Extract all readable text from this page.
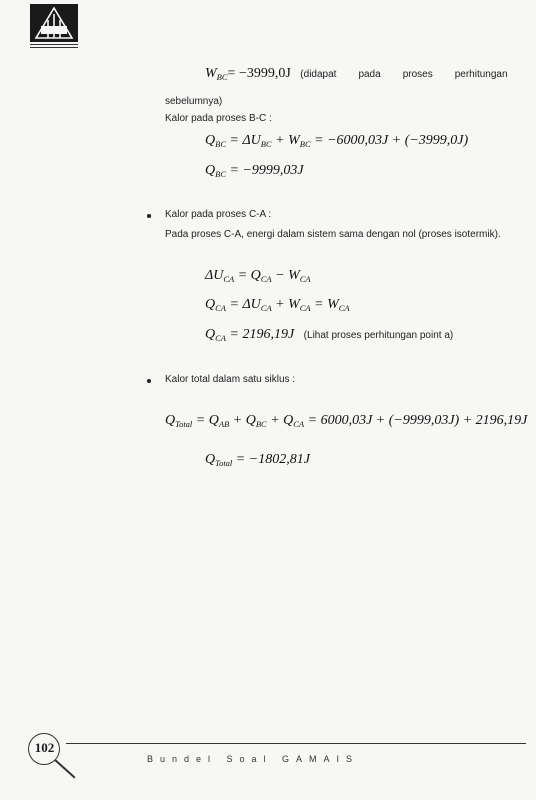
$W_{BC}= -3999,0J$ (didapat pada proses perhitungan
sebelumnya)
Kalor pada proses B-C :
$Q_{BC} = \Delta U_{BC} + W_{BC} = -6000,03J + (-3999,0J)$
$Q_{BC} = -9999,03J$
Kalor pada proses C-A :
Pada proses C-A, energi dalam sistem sama dengan nol (proses isotermik).
$\Delta U_{CA} = Q_{CA} - W_{CA}$
$Q_{CA} = \Delta U_{CA} + W_{CA} = W_{CA}$
$Q_{CA} = 2196,19J$ (Lihat proses perhitungan point a)
Kalor total dalam satu siklus :
$Q_{Total} = Q_{AB} + Q_{BC} + Q_{CA} = 6000,03J + (-9999,03J) + 2196,19J$
$Q_{Total} = -1802,81J$
102
Bundel Soal GAMAIS
